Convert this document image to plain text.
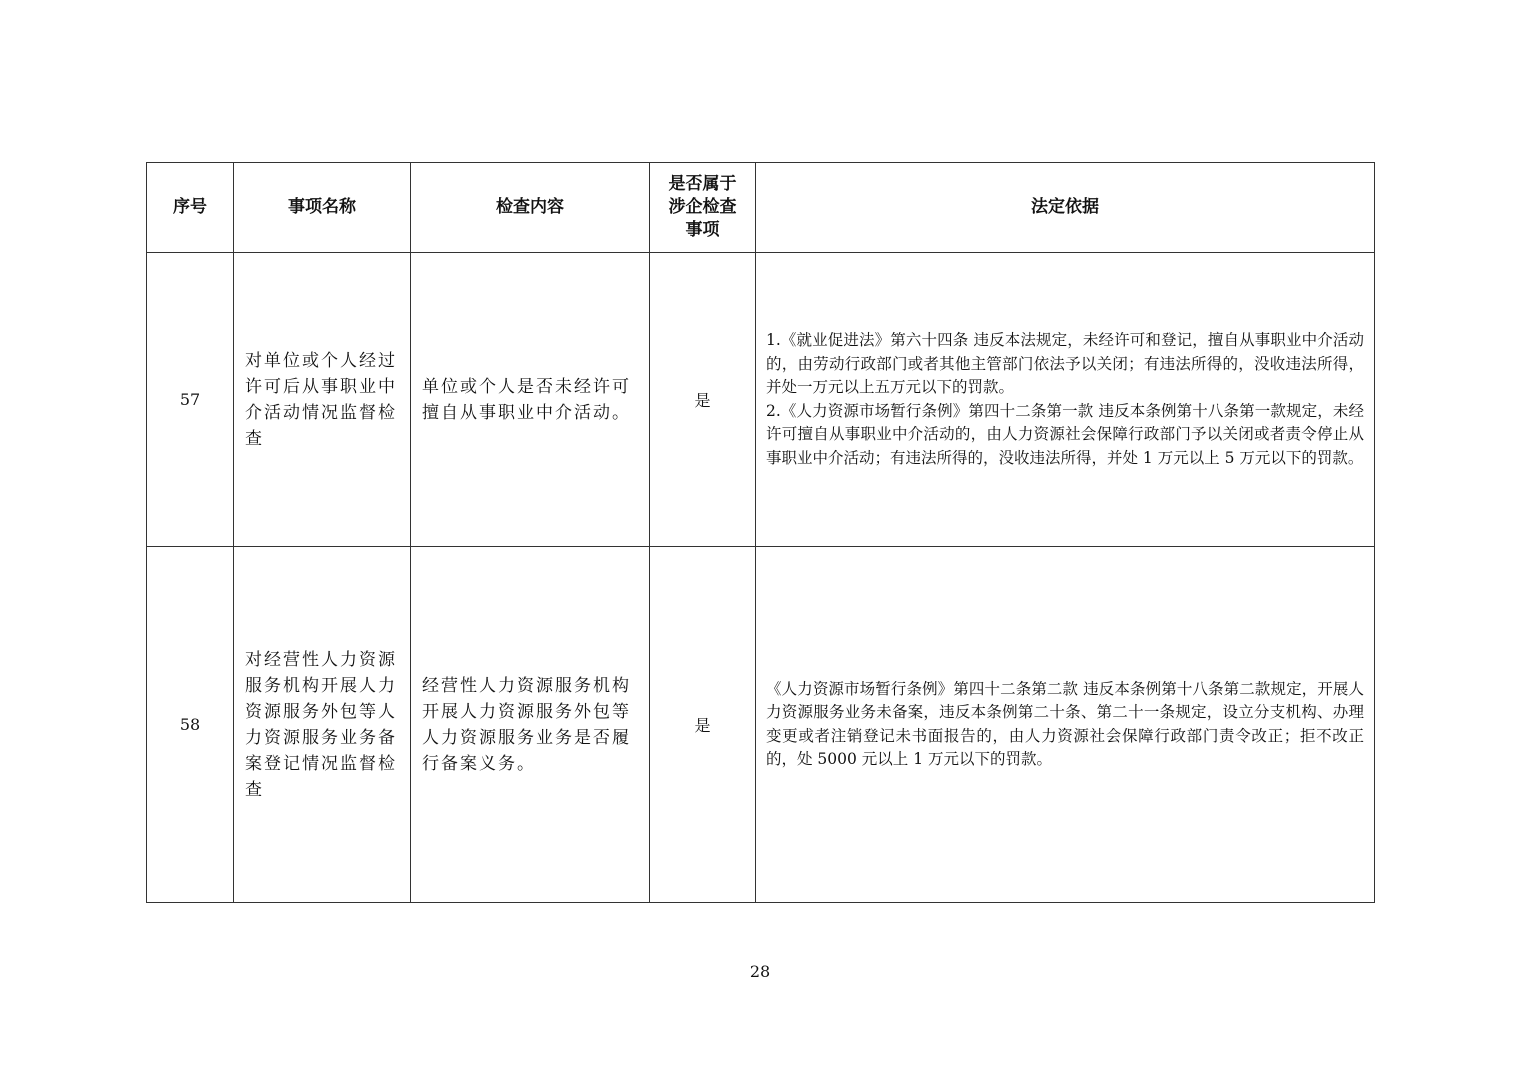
序号	事项名称	检查内容	是否属于涉企检查事项	法定依据
57	对单位或个人经过许可后从事职业中介活动情况监督检查	单位或个人是否未经许可擅自从事职业中介活动。	是	1.《就业促进法》第六十四条 违反本法规定，未经许可和登记，擅自从事职业中介活动的，由劳动行政部门或者其他主管部门依法予以关闭；有违法所得的，没收违法所得，并处一万元以上五万元以下的罚款。
2.《人力资源市场暂行条例》第四十二条第一款 违反本条例第十八条第一款规定，未经许可擅自从事职业中介活动的，由人力资源社会保障行政部门予以关闭或者责令停止从事职业中介活动；有违法所得的，没收违法所得，并处 1 万元以上 5 万元以下的罚款。

58	对经营性人力资源服务机构开展人力资源服务外包等人力资源服务业务备案登记情况监督检查	经营性人力资源服务机构开展人力资源服务外包等人力资源服务业务是否履行备案义务。	是	《人力资源市场暂行条例》第四十二条第二款 违反本条例第十八条第二款规定，开展人力资源服务业务未备案，违反本条例第二十条、第二十一条规定，设立分支机构、办理变更或者注销登记未书面报告的，由人力资源社会保障行政部门责令改正；拒不改正的，处 5000 元以上 1 万元以下的罚款。
28
